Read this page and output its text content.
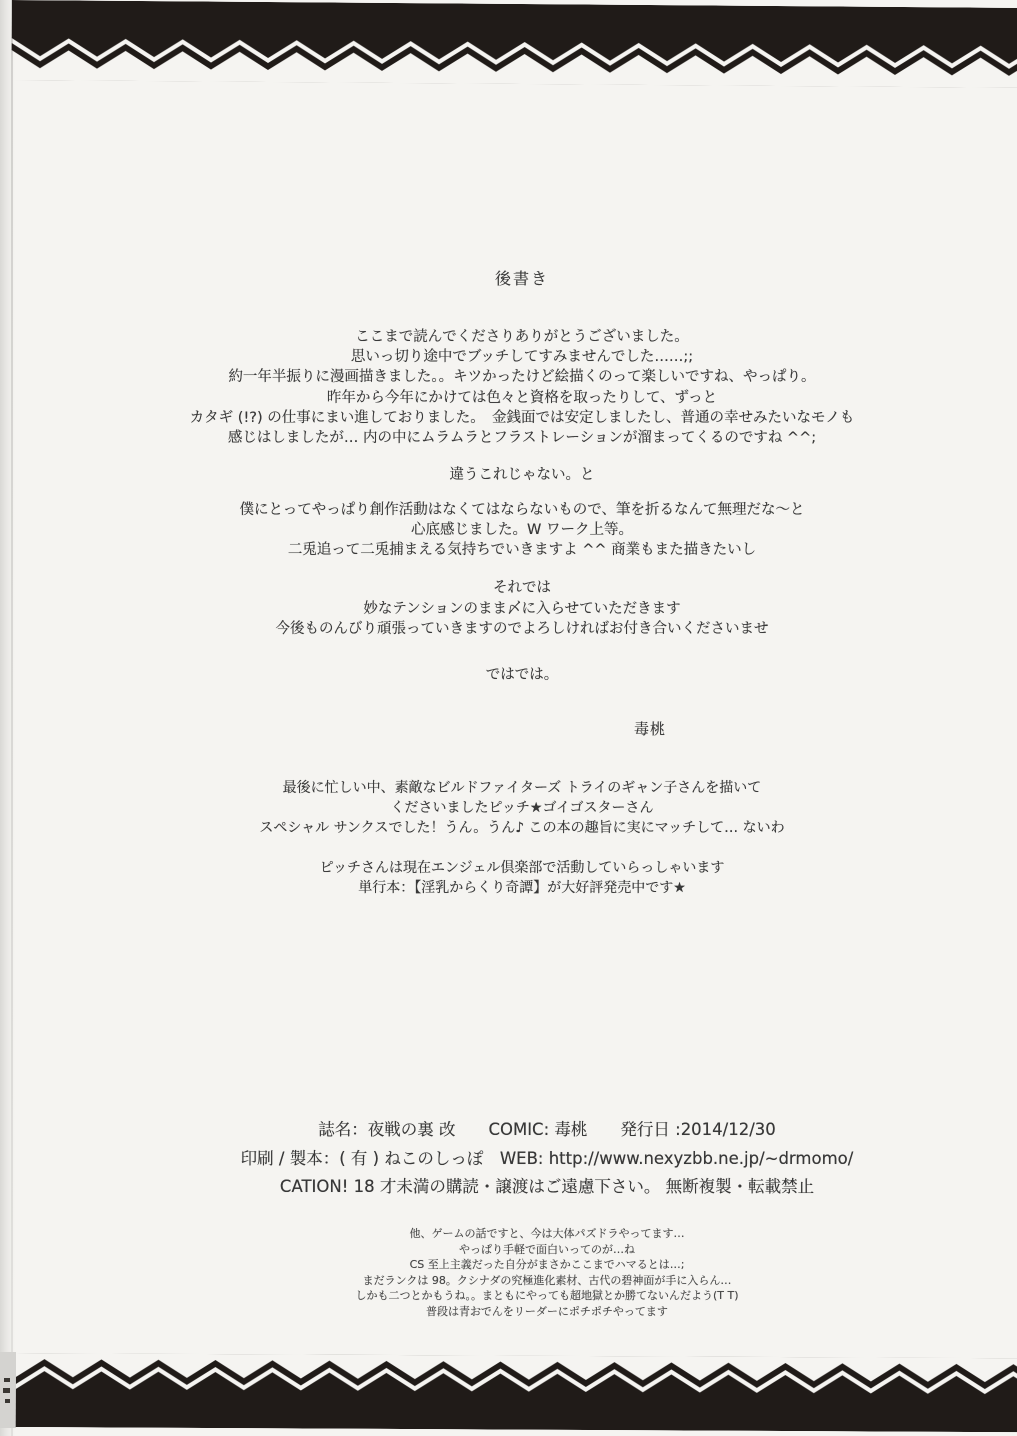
後書き
ここまで読んでくださりありがとうございました。
思いっ切り途中でブッチしてすみませんでした……;;
約一年半振りに漫画描きました。。キツかったけど絵描くのって楽しいですね、やっぱり。
昨年から今年にかけては色々と資格を取ったりして、ずっと
カタギ (!?) の仕事にまい進しておりました。　金銭面では安定しましたし、普通の幸せみたいなモノも
感じはしましたが… 内の中にムラムラとフラストレーションが溜まってくるのですね ^^;
違うこれじゃない。と
僕にとってやっぱり創作活動はなくてはならないもので、筆を折るなんて無理だな～と
心底感じました。W ワーク上等。
二兎追って二兎捕まえる気持ちでいきますよ ^^ 商業もまた描きたいし
それでは
妙なテンションのまま〆に入らせていただきます
今後ものんびり頑張っていきますのでよろしければお付き合いくださいませ
ではでは。
毒桃
最後に忙しい中、素敵なビルドファイターズ トライのギャン子さんを描いて
くださいましたピッチ★ゴイゴスターさん
スペシャル サンクスでした！うん。うん♪ この本の趣旨に実にマッチして… ないわ
ピッチさんは現在エンジェル倶楽部で活動していらっしゃいます
単行本：【淫乳からくり奇譚】が大好評発売中です★
誌名：夜戦の裏 改　　COMIC: 毒桃　　発行日 :2014/12/30
印刷 / 製本：( 有 ) ねこのしっぽ　WEB: http://www.nexyzbb.ne.jp/~drmomo/
CATION! 18 才未満の購読・譲渡はご遠慮下さい。 無断複製・転載禁止
他、ゲームの話ですと、今は大体パズドラやってます…
やっぱり手軽で面白いってのが…ね
CS 至上主義だった自分がまさかここまでハマるとは…;
まだランクは 98。クシナダの究極進化素材、古代の碧神面が手に入らん…
しかも二つとかもうね。。まともにやっても超地獄とか勝てないんだよう(T T)
普段は青おでんをリーダーにポチポチやってます
